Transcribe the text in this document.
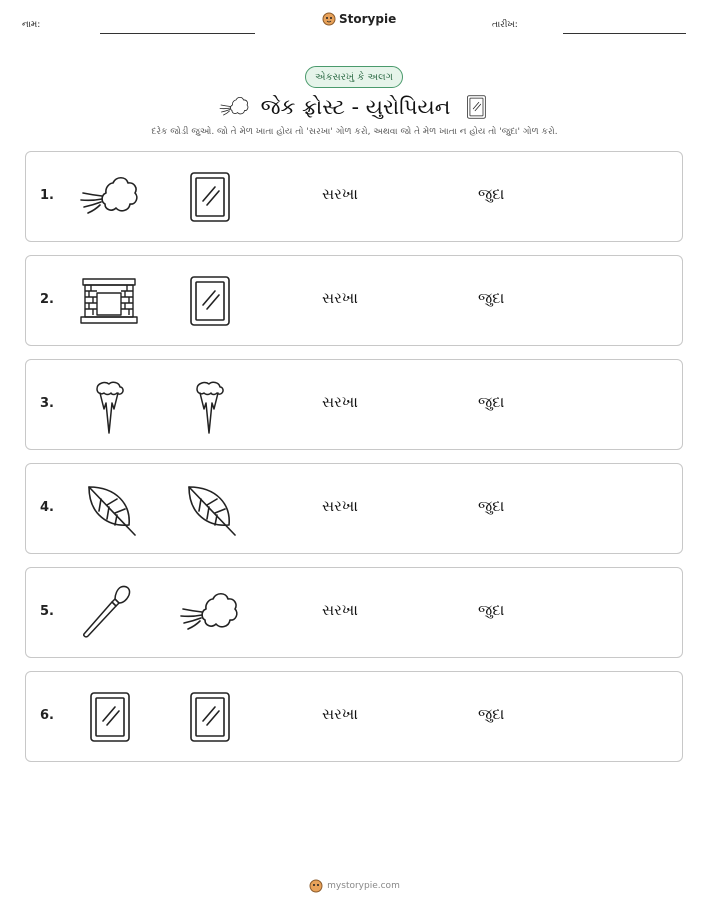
નામ:	Storypie	તારીખ:
એકસરખું કે અલગ
જેક ફ્રોસ્ટ - યુરોપિયન
દરેક જોડી જુઓ. જો તે મેળ ખાતા હોય તો 'સરખા' ગોળ કરો, અથવા જો તે મેળ ખાતા ન હોય તો 'જુદા' ગોળ કરો.
1.	સરખા	જુદા
2.	સરખા	જુદા
3.	સરખા	જુદા
4.	સરખા	જુદા
5.	સરખા	જુદા
6.	સરખા	જુદા
mystorypie.com
